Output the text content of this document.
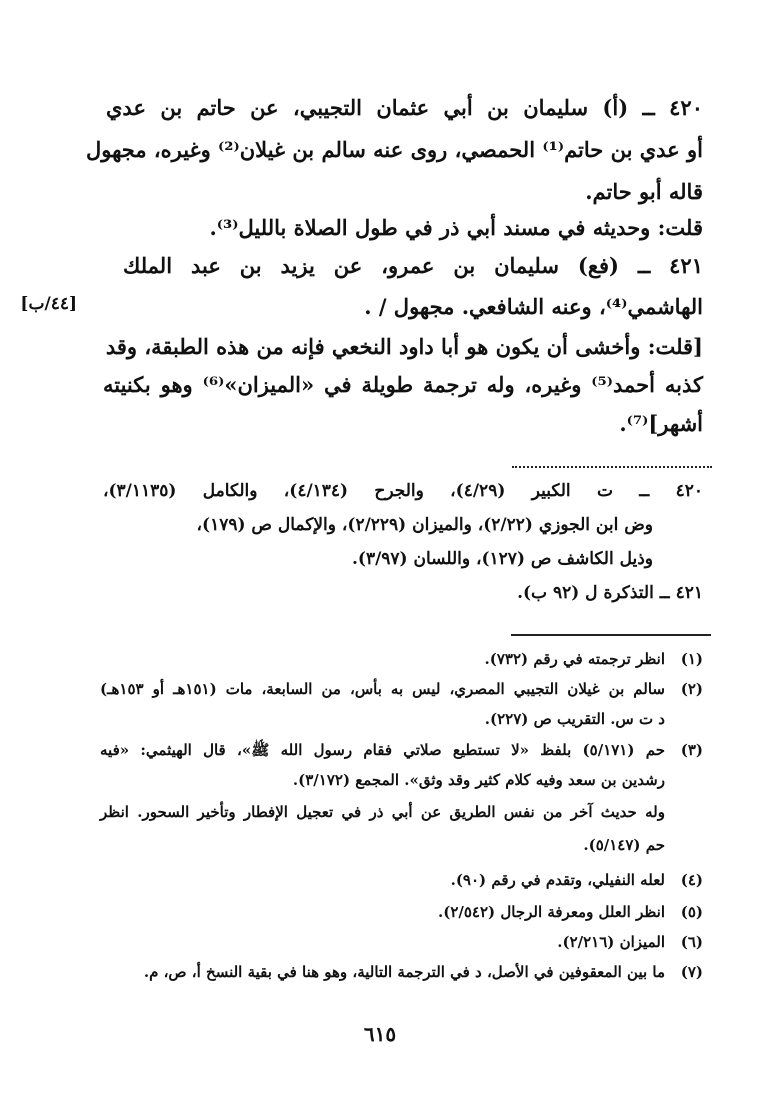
٤٢٠ ــ (أ) سليمان بن أبي عثمان التجيبي، عن حاتم بن عدي
أو عدي بن حاتم⁽¹⁾ الحمصي، روى عنه سالم بن غيلان⁽²⁾ وغيره، مجهول
قاله أبو حاتم.
قلت: وحديثه في مسند أبي ذر في طول الصلاة بالليل⁽³⁾.
٤٢١ ــ (فع) سليمان بن عمرو، عن يزيد بن عبد الملك
الهاشمي⁽⁴⁾، وعنه الشافعي. مجهول / .
[٤٤/ب]
[قلت: وأخشى أن يكون هو أبا داود النخعي فإنه من هذه الطبقة، وقد
كذبه أحمد⁽⁵⁾ وغيره، وله ترجمة طويلة في «الميزان»⁽⁶⁾ وهو بكنيته
أشهر]⁽⁷⁾.
٤٢٠ ــ ت الكبير (٤/٢٩)، والجرح (٤/١٣٤)، والكامل (٣/١١٣٥)،
وض ابن الجوزي (٢/٢٢)، والميزان (٢/٢٢٩)، والإكمال ص (١٧٩)،
وذيل الكاشف ص (١٢٧)، واللسان (٣/٩٧).
٤٢١ ــ التذكرة ل (٩٢ ب).
(١)
انظر ترجمته في رقم (٧٣٢).
(٢)
سالم بن غيلان التجيبي المصري، ليس به بأس، من السابعة، مات (١٥١هـ أو ١٥٣هـ)
د ت س. التقريب ص (٢٢٧).
(٣)
حم (٥/١٧١) بلفظ «لا تستطيع صلاتي فقام رسول الله ﷺ»، قال الهيثمي: «فيه
رشدين بن سعد وفيه كلام كثير وقد وثق». المجمع (٣/١٧٢).
وله حديث آخر من نفس الطريق عن أبي ذر في تعجيل الإفطار وتأخير السحور. انظر
حم (٥/١٤٧).
(٤)
لعله النفيلي، وتقدم في رقم (٩٠).
(٥)
انظر العلل ومعرفة الرجال (٢/٥٤٢).
(٦)
الميزان (٢/٢١٦).
(٧)
ما بين المعقوفين في الأصل، د في الترجمة التالية، وهو هنا في بقية النسخ أ، ص، م.
٦١٥
